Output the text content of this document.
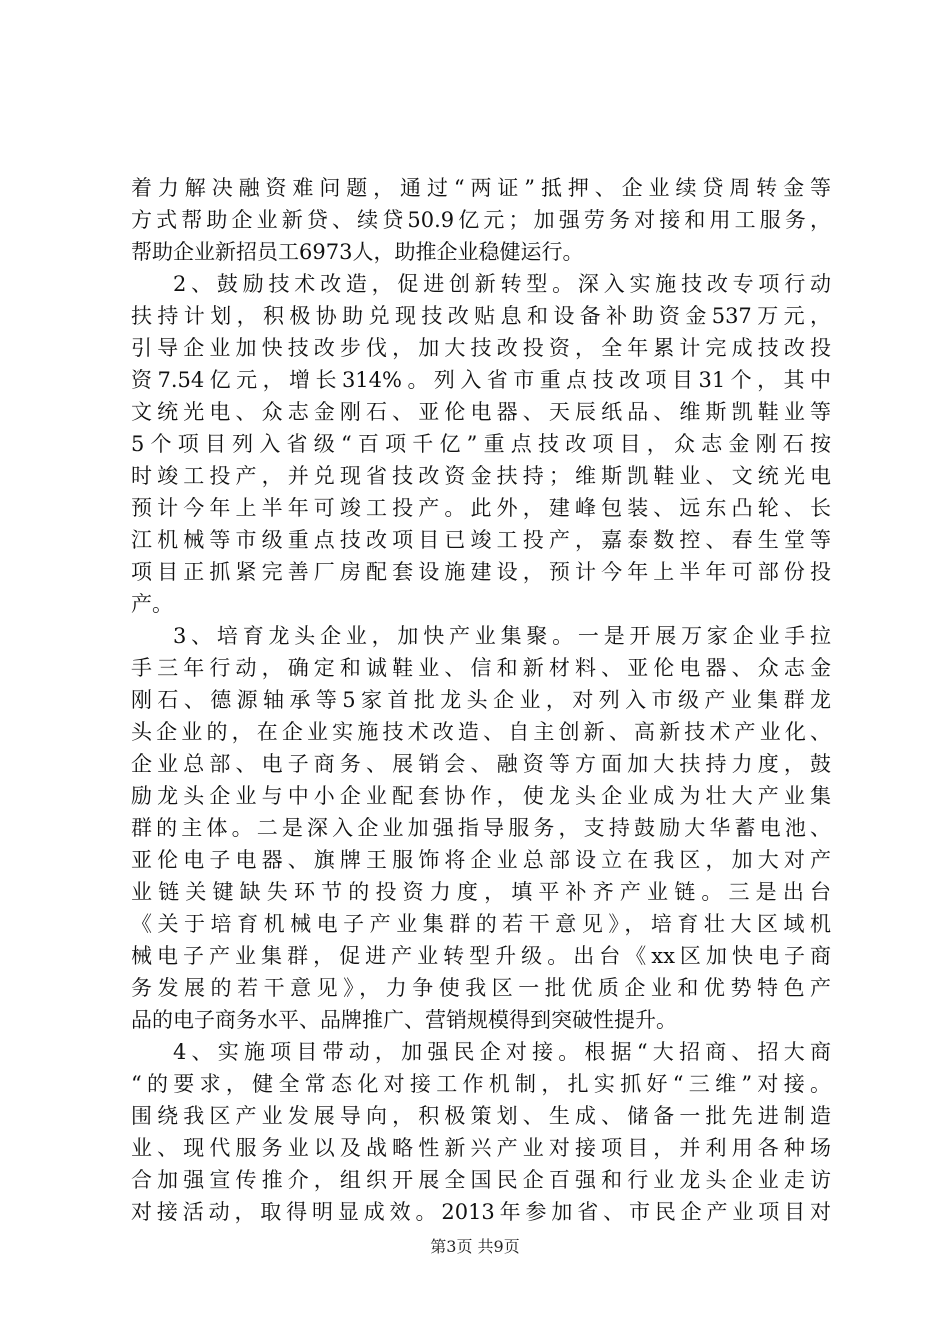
着力解决融资难问题，通过“两证”抵押、企业续贷周转金等
方式帮助企业新贷、续贷50.9亿元；加强劳务对接和用工服务，
帮助企业新招员工6973人，助推企业稳健运行。
2、鼓励技术改造，促进创新转型。深入实施技改专项行动
扶持计划，积极协助兑现技改贴息和设备补助资金537万元，
引导企业加快技改步伐，加大技改投资，全年累计完成技改投
资7.54亿元，增长314%。列入省市重点技改项目31个，其中
文统光电、众志金刚石、亚伦电器、天辰纸品、维斯凯鞋业等
5个项目列入省级“百项千亿”重点技改项目，众志金刚石按
时竣工投产，并兑现省技改资金扶持；维斯凯鞋业、文统光电
预计今年上半年可竣工投产。此外，建峰包装、远东凸轮、长
江机械等市级重点技改项目已竣工投产，嘉泰数控、春生堂等
项目正抓紧完善厂房配套设施建设，预计今年上半年可部份投
产。
3、培育龙头企业，加快产业集聚。一是开展万家企业手拉
手三年行动，确定和诚鞋业、信和新材料、亚伦电器、众志金
刚石、德源轴承等5家首批龙头企业，对列入市级产业集群龙
头企业的，在企业实施技术改造、自主创新、高新技术产业化、
企业总部、电子商务、展销会、融资等方面加大扶持力度，鼓
励龙头企业与中小企业配套协作，使龙头企业成为壮大产业集
群的主体。二是深入企业加强指导服务，支持鼓励大华蓄电池、
亚伦电子电器、旗牌王服饰将企业总部设立在我区，加大对产
业链关键缺失环节的投资力度，填平补齐产业链。三是出台
《关于培育机械电子产业集群的若干意见》，培育壮大区域机
械电子产业集群，促进产业转型升级。出台《xx区加快电子商
务发展的若干意见》，力争使我区一批优质企业和优势特色产
品的电子商务水平、品牌推广、营销规模得到突破性提升。
4、实施项目带动，加强民企对接。根据“大招商、招大商
“的要求，健全常态化对接工作机制，扎实抓好“三维”对接。
围绕我区产业发展导向，积极策划、生成、储备一批先进制造
业、现代服务业以及战略性新兴产业对接项目，并利用各种场
合加强宣传推介，组织开展全国民企百强和行业龙头企业走访
对接活动，取得明显成效。2013年参加省、市民企产业项目对
第3页 共9页
